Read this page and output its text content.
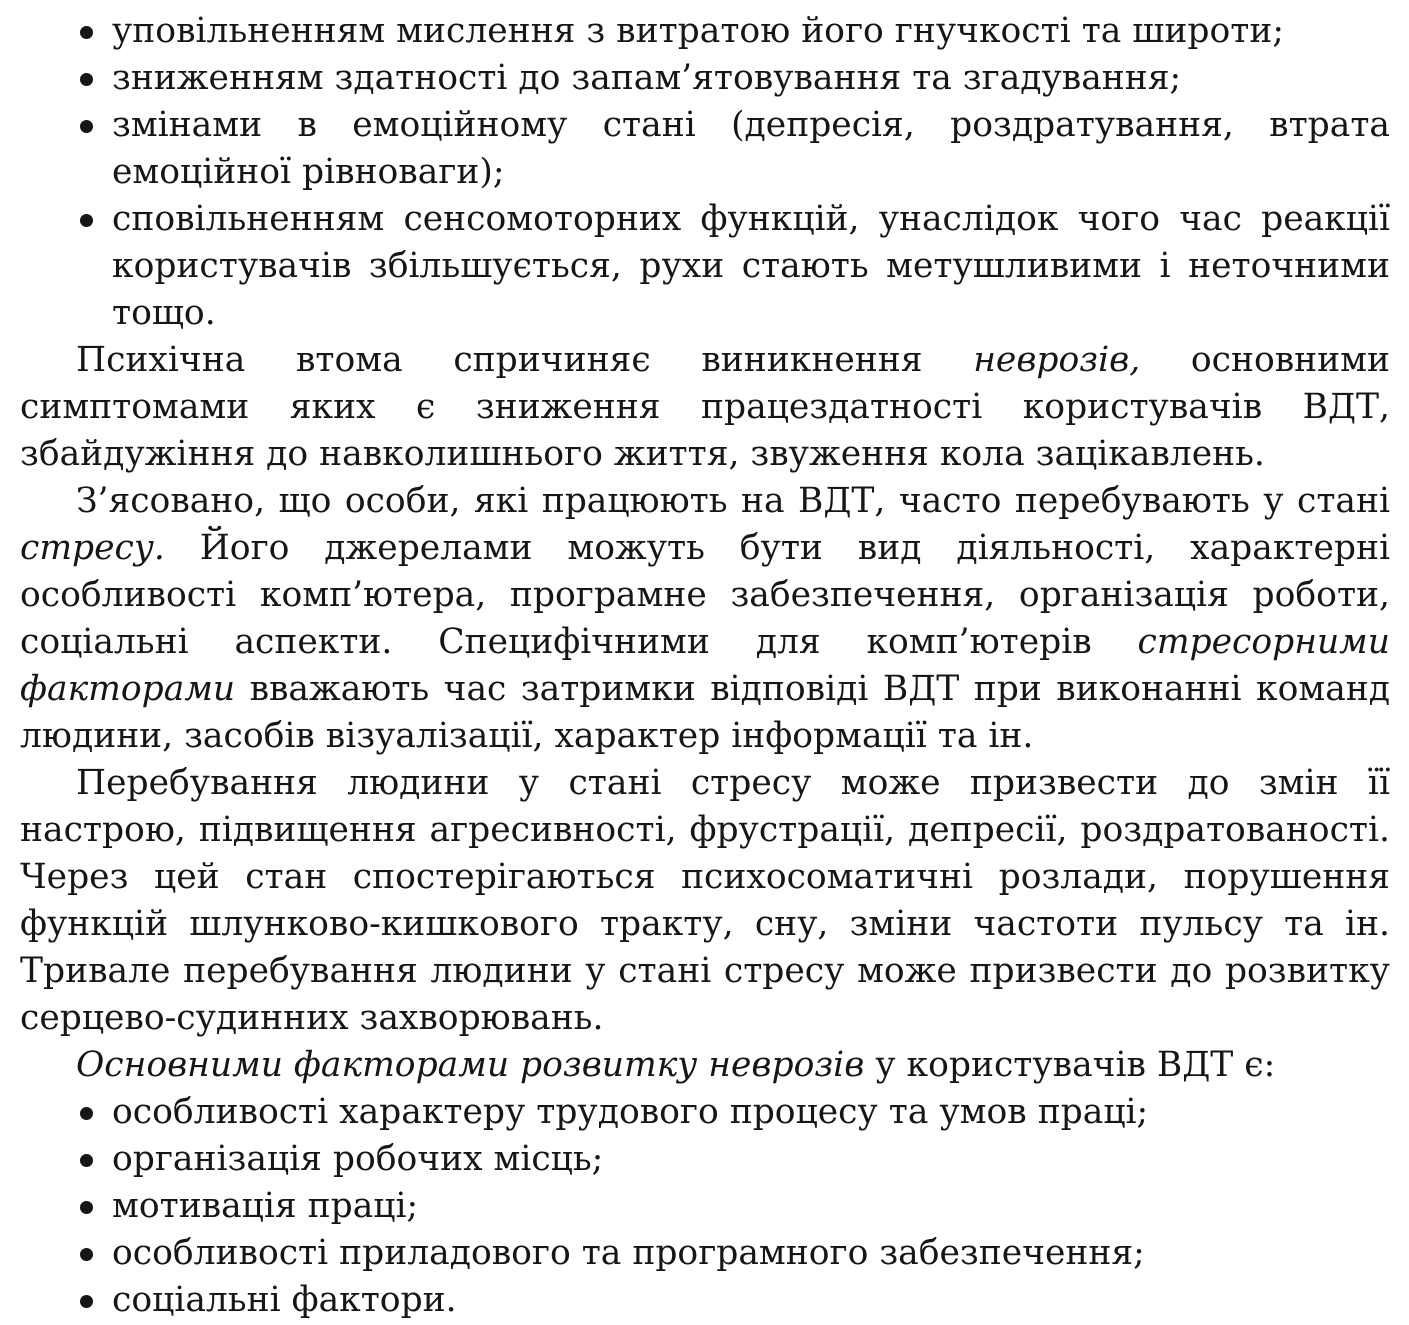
уповільненням мислення з витратою його гнучкості та широти;
зниженням здатності до запам’ятовування та згадування;
змінами в емоційному стані (депресія, роздратування, втрата емоційної рівноваги);
сповільненням сенсомоторних функцій, унаслідок чого час реакції користувачів збільшується, рухи стають метушливими і неточними тощо.

Психічна втома спричиняє виникнення неврозів, основними симптомами яких є зниження працездатності користувачів ВДТ, збайдужіння до навколишнього життя, звуження кола зацікавлень.

З’ясовано, що особи, які працюють на ВДТ, часто перебувають у стані стресу. Його джерелами можуть бути вид діяльності, характерні особливості комп’ютера, програмне забезпечення, організація роботи, соціальні аспекти. Специфічними для комп’ютерів стресорними факторами вважають час затримки відповіді ВДТ при виконанні команд людини, засобів візуалізації, характер інформації та ін.

Перебування людини у стані стресу може призвести до змін її настрою, підвищення агресивності, фрустрації, депресії, роздратованості. Через цей стан спостерігаються психосоматичні розлади, порушення функцій шлунково-кишкового тракту, сну, зміни частоти пульсу та ін. Тривале перебування людини у стані стресу може призвести до розвитку серцево-судинних захворювань.

Основними факторами розвитку неврозів у користувачів ВДТ є:

особливості характеру трудового процесу та умов праці;
організація робочих місць;
мотивація праці;
особливості приладового та програмного забезпечення;
соціальні фактори.
